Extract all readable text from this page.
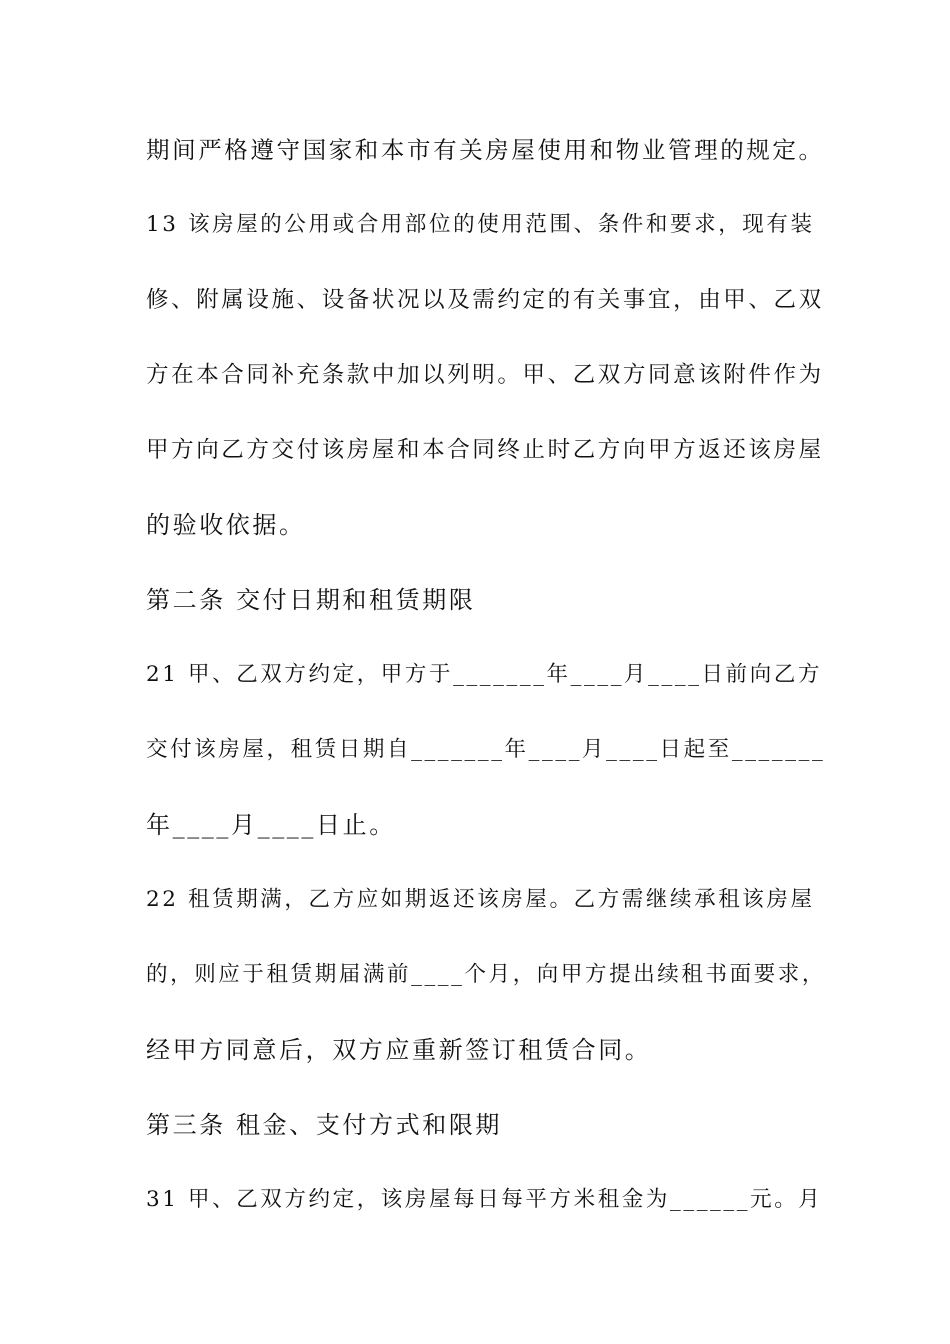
期间严格遵守国家和本市有关房屋使用和物业管理的规定。
13 该房屋的公用或合用部位的使用范围、条件和要求，现有装
修、附属设施、设备状况以及需约定的有关事宜，由甲、乙双
方在本合同补充条款中加以列明。甲、乙双方同意该附件作为
甲方向乙方交付该房屋和本合同终止时乙方向甲方返还该房屋
的验收依据。
第二条 交付日期和租赁期限
21 甲、乙双方约定，甲方于_______年____月____日前向乙方
交付该房屋，租赁日期自_______年____月____日起至_______
年____月____日止。
22 租赁期满，乙方应如期返还该房屋。乙方需继续承租该房屋
的，则应于租赁期届满前____个月，向甲方提出续租书面要求，
经甲方同意后，双方应重新签订租赁合同。
第三条 租金、支付方式和限期
31 甲、乙双方约定，该房屋每日每平方米租金为______元。月
